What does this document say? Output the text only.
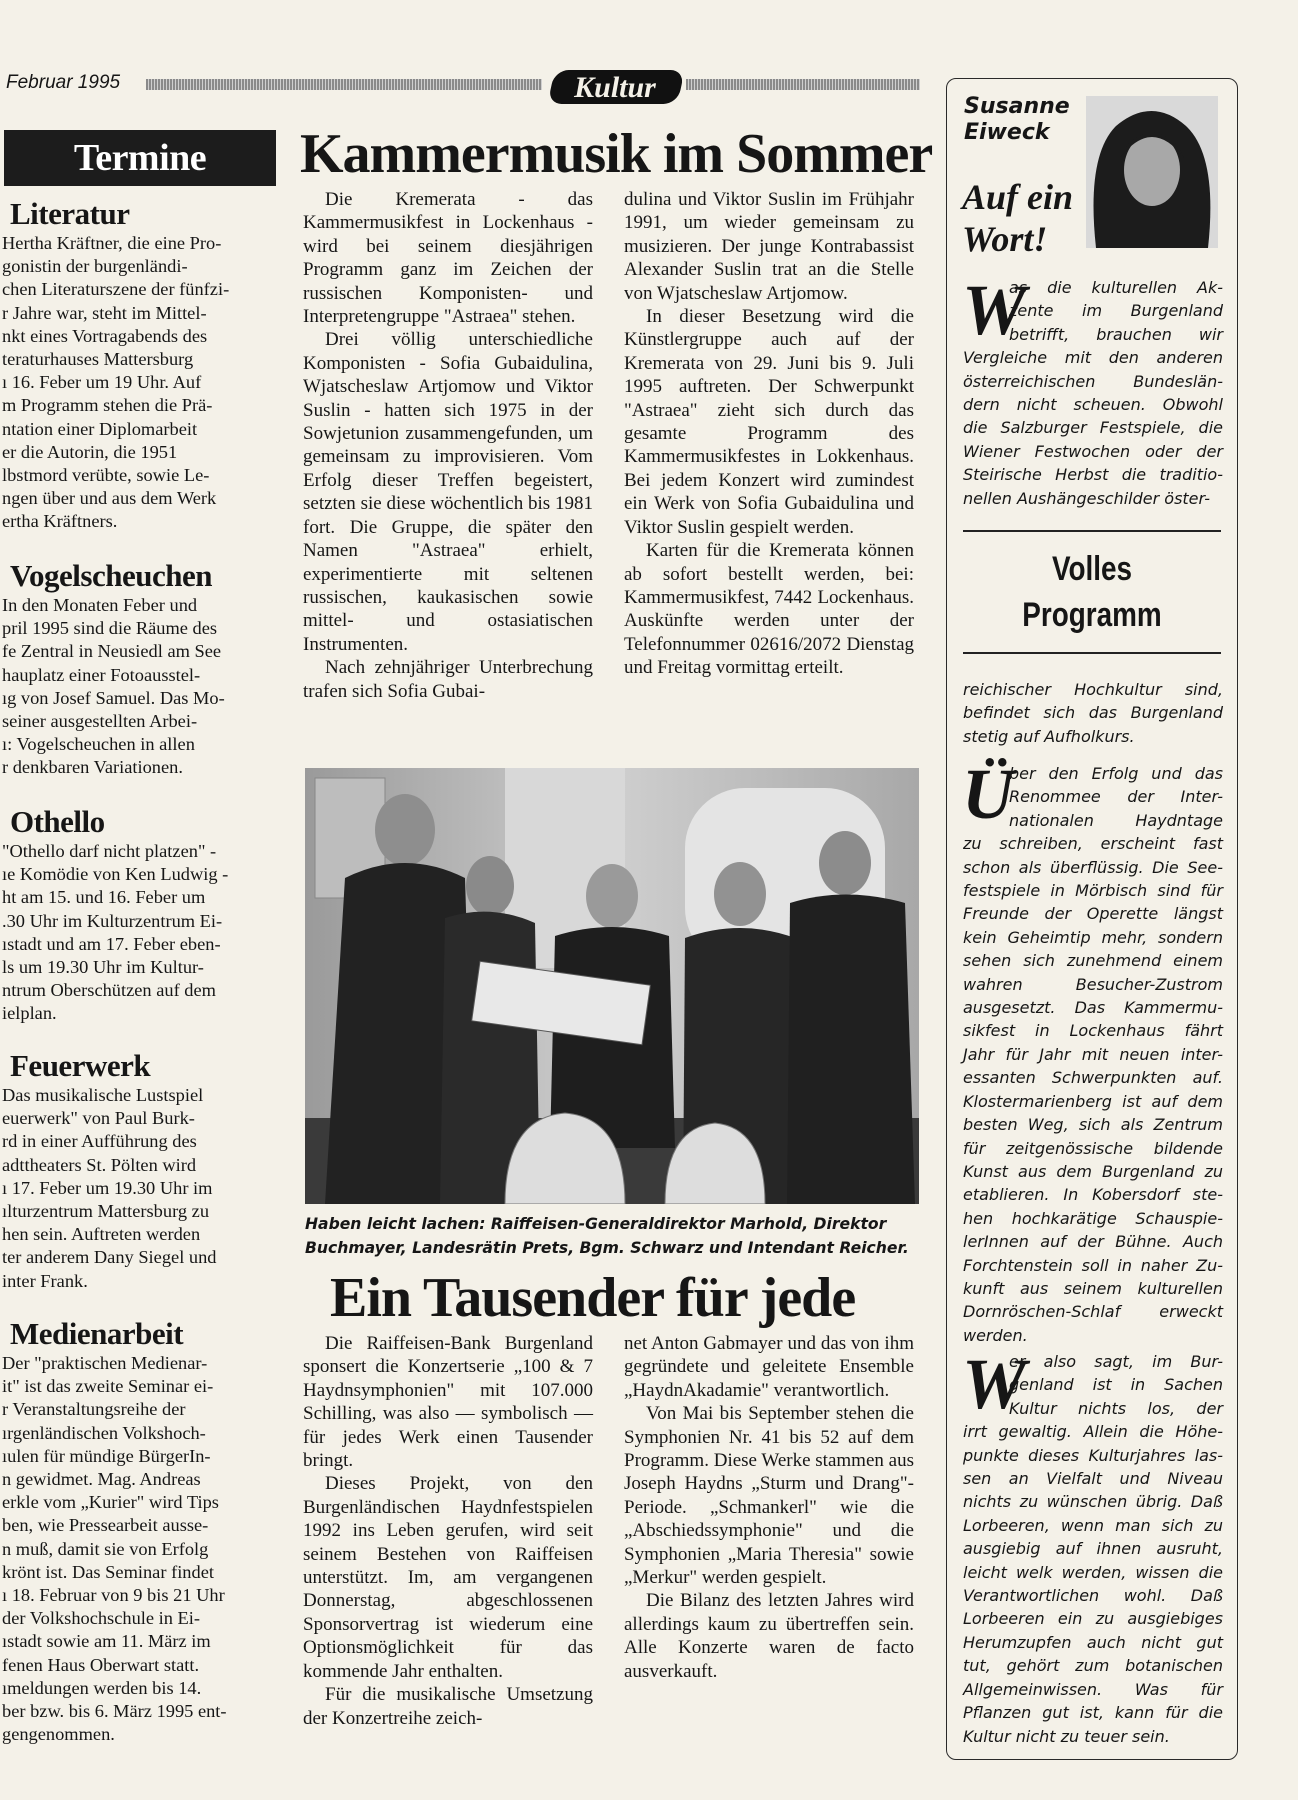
Februar 1995	Kultur
Termine
Literatur
Hertha Kräftner, die eine Pro-
gonistin der burgenländi-
chen Literaturszene der fünfzi-
r Jahre war, steht im Mittel-
nkt eines Vortragabends des
teraturhauses Mattersburg
ı 16. Feber um 19 Uhr. Auf
m Programm stehen die Prä-
ntation einer Diplomarbeit
er die Autorin, die 1951
lbstmord verübte, sowie Le-
ngen über und aus dem Werk
ertha Kräftners.
Vogelscheuchen
In den Monaten Feber und
pril 1995 sind die Räume des
fe Zentral in Neusiedl am See
hauplatz einer Fotoausstel-
ıg von Josef Samuel. Das Mo-
seiner ausgestellten Arbei-
ı: Vogelscheuchen in allen
r denkbaren Variationen.
Othello
"Othello darf nicht platzen" -
ıe Komödie von Ken Ludwig -
ht am 15. und 16. Feber um
.30 Uhr im Kulturzentrum Ei-
ıstadt und am 17. Feber eben-
ls um 19.30 Uhr im Kultur-
ntrum Oberschützen auf dem
ielplan.
Feuerwerk
Das musikalische Lustspiel
euerwerk" von Paul Burk-
rd in einer Aufführung des
adttheaters St. Pölten wird
ı 17. Feber um 19.30 Uhr im
ılturzentrum Mattersburg zu
hen sein. Auftreten werden
ter anderem Dany Siegel und
inter Frank.
Medienarbeit
Der "praktischen Medienar-
it" ist das zweite Seminar ei-
r Veranstaltungsreihe der
ırgenländischen Volkshoch-
ıulen für mündige BürgerIn-
n gewidmet. Mag. Andreas
erkle vom „Kurier" wird Tips
ben, wie Pressearbeit ausse-
n muß, damit sie von Erfolg
krönt ist. Das Seminar findet
ı 18. Februar von 9 bis 21 Uhr
der Volkshochschule in Ei-
ıstadt sowie am 11. März im
fenen Haus Oberwart statt.
ımeldungen werden bis 14.
ber bzw. bis 6. März 1995 ent-
gengenommen.
Kammermusik im Sommer

Die Kremerata - das Kammermusikfest in Lockenhaus - wird bei seinem diesjährigen Programm ganz im Zeichen der russischen Komponisten- und Interpretengruppe "Astraea" stehen.

Drei völlig unterschiedliche Komponisten - Sofia Gubaidulina, Wjatscheslaw Artjomow und Viktor Suslin - hatten sich 1975 in der Sowjetunion zusammengefunden, um gemeinsam zu improvisieren. Vom Erfolg dieser Treffen begeistert, setzten sie diese wöchentlich bis 1981 fort. Die Gruppe, die später den Namen "Astraea" erhielt, experimentierte mit seltenen russischen, kaukasischen sowie mittel- und ostasiatischen Instrumenten.

Nach zehnjähriger Unterbrechung trafen sich Sofia Gubai-

dulina und Viktor Suslin im Frühjahr 1991, um wieder gemeinsam zu musizieren. Der junge Kontrabassist Alexander Suslin trat an die Stelle von Wjatscheslaw Artjomow.

In dieser Besetzung wird die Künstlergruppe auch auf der Kremerata von 29. Juni bis 9. Juli 1995 auftreten. Der Schwerpunkt "Astraea" zieht sich durch das gesamte Programm des Kammermusikfestes in Lokkenhaus. Bei jedem Konzert wird zumindest ein Werk von Sofia Gubaidulina und Viktor Suslin gespielt werden.

Karten für die Kremerata können ab sofort bestellt werden, bei: Kammermusikfest, 7442 Lockenhaus. Auskünfte werden unter der Telefonnummer 02616/2072 Dienstag und Freitag vormittag erteilt.

Haben leicht lachen: Raiffeisen-Generaldirektor Marhold, Direktor Buchmayer, Landesrätin Prets, Bgm. Schwarz und Intendant Reicher.
Ein Tausender für jede

Die Raiffeisen-Bank Burgenland sponsert die Konzertserie „100 & 7 Haydnsymphonien" mit 107.000 Schilling, was also — symbolisch — für jedes Werk einen Tausender bringt.

Dieses Projekt, von den Burgenländischen Haydnfestspielen 1992 ins Leben gerufen, wird seit seinem Bestehen von Raiffeisen unterstützt. Im, am vergangenen Donnerstag, abgeschlossenen Sponsorvertrag ist wiederum eine Optionsmöglichkeit für das kommende Jahr enthalten.

Für die musikalische Umsetzung der Konzertreihe zeich-

net Anton Gabmayer und das von ihm gegründete und geleitete Ensemble „HaydnAkadamie" verantwortlich.

Von Mai bis September stehen die Symphonien Nr. 41 bis 52 auf dem Programm. Diese Werke stammen aus Joseph Haydns „Sturm und Drang"-Periode. „Schmankerl" wie die „Abschiedssymphonie" und die Symphonien „Maria Theresia" sowie „Merkur" werden gespielt.

Die Bilanz des letzten Jahres wird allerdings kaum zu übertreffen sein. Alle Konzerte waren de facto ausverkauft.

Susanne
Eiweck
Auf ein
Wort!
W
as die kulturellen Ak-
zente im Burgenland
betrifft, brauchen wir
Vergleiche mit den anderen
österreichischen Bundeslän-
dern nicht scheuen. Obwohl
die Salzburger Festspiele, die
Wiener Festwochen oder der
Steirische Herbst die traditio-
nellen Aushängeschilder öster-
Volles
Programm
reichischer Hochkultur sind,
befindet sich das Burgenland
stetig auf Aufholkurs.
Ü
ber den Erfolg und das
Renommee der Inter-
nationalen Haydntage
zu schreiben, erscheint fast
schon als überflüssig. Die See-
festspiele in Mörbisch sind für
Freunde der Operette längst
kein Geheimtip mehr, sondern
sehen sich zunehmend einem
wahren Besucher-Zustrom
ausgesetzt. Das Kammermu-
sikfest in Lockenhaus fährt
Jahr für Jahr mit neuen inter-
essanten Schwerpunkten auf.
Klostermarienberg ist auf dem
besten Weg, sich als Zentrum
für zeitgenössische bildende
Kunst aus dem Burgenland zu
etablieren. In Kobersdorf ste-
hen hochkarätige Schauspie-
lerInnen auf der Bühne. Auch
Forchtenstein soll in naher Zu-
kunft aus seinem kulturellen
Dornröschen-Schlaf erweckt
werden.
W
er also sagt, im Bur-
genland ist in Sachen
Kultur nichts los, der
irrt gewaltig. Allein die Höhe-
punkte dieses Kulturjahres las-
sen an Vielfalt und Niveau
nichts zu wünschen übrig. Daß
Lorbeeren, wenn man sich zu
ausgiebig auf ihnen ausruht,
leicht welk werden, wissen die
Verantwortlichen wohl. Daß
Lorbeeren ein zu ausgiebiges
Herumzupfen auch nicht gut
tut, gehört zum botanischen
Allgemeinwissen. Was für
Pflanzen gut ist, kann für die
Kultur nicht zu teuer sein.
